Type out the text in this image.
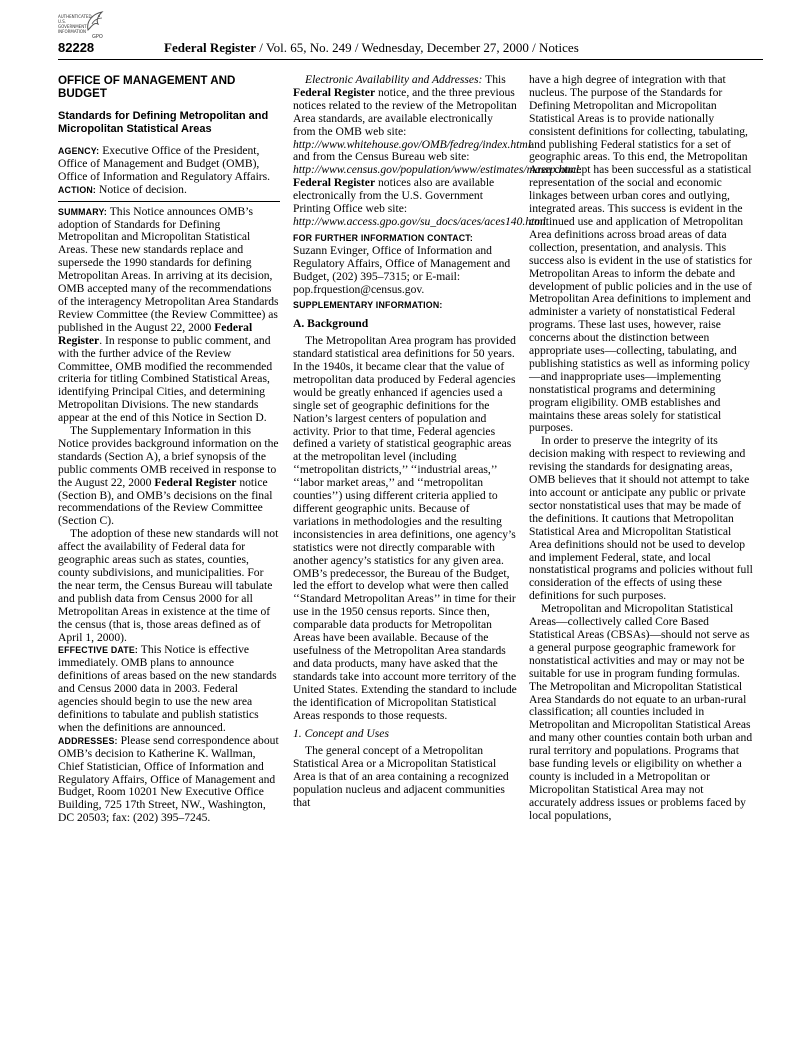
AUTHENTICATED U.S. GOVERNMENT INFORMATION
GPO
82228	Federal Register / Vol. 65, No. 249 / Wednesday, December 27, 2000 / Notices
OFFICE OF MANAGEMENT AND BUDGET
Standards for Defining Metropolitan and Micropolitan Statistical Areas

AGENCY: Executive Office of the President, Office of Management and Budget (OMB), Office of Information and Regulatory Affairs.

ACTION: Notice of decision.

SUMMARY: This Notice announces OMB’s adoption of Standards for Defining Metropolitan and Micropolitan Statistical Areas. These new standards replace and supersede the 1990 standards for defining Metropolitan Areas. In arriving at its decision, OMB accepted many of the recommendations of the interagency Metropolitan Area Standards Review Committee (the Review Committee) as published in the August 22, 2000 Federal Register. In response to public comment, and with the further advice of the Review Committee, OMB modified the recommended criteria for titling Combined Statistical Areas, identifying Principal Cities, and determining Metropolitan Divisions. The new standards appear at the end of this Notice in Section D.

The Supplementary Information in this Notice provides background information on the standards (Section A), a brief synopsis of the public comments OMB received in response to the August 22, 2000 Federal Register notice (Section B), and OMB’s decisions on the final recommendations of the Review Committee (Section C).

The adoption of these new standards will not affect the availability of Federal data for geographic areas such as states, counties, county subdivisions, and municipalities. For the near term, the Census Bureau will tabulate and publish data from Census 2000 for all Metropolitan Areas in existence at the time of the census (that is, those areas defined as of April 1, 2000).

EFFECTIVE DATE: This Notice is effective immediately. OMB plans to announce definitions of areas based on the new standards and Census 2000 data in 2003. Federal agencies should begin to use the new area definitions to tabulate and publish statistics when the definitions are announced.

ADDRESSES: Please send correspondence about OMB’s decision to Katherine K. Wallman, Chief Statistician, Office of Information and Regulatory Affairs, Office of Management and Budget, Room 10201 New Executive Office Building, 725 17th Street, NW., Washington, DC 20503; fax: (202) 395–7245.

Electronic Availability and Addresses: This Federal Register notice, and the three previous notices related to the review of the Metropolitan Area standards, are available electronically from the OMB web site: http://www.whitehouse.gov/OMB/fedreg/index.html and from the Census Bureau web site: http://www.census.gov/population/www/estimates/masrp.html. Federal Register notices also are available electronically from the U.S. Government Printing Office web site: http://www.access.gpo.gov/su_docs/aces/aces140.html.

FOR FURTHER INFORMATION CONTACT:
Suzann Evinger, Office of Information and Regulatory Affairs, Office of Management and Budget, (202) 395–7315; or E-mail: pop.frquestion@census.gov.

SUPPLEMENTARY INFORMATION:

A. Background

The Metropolitan Area program has provided standard statistical area definitions for 50 years. In the 1940s, it became clear that the value of metropolitan data produced by Federal agencies would be greatly enhanced if agencies used a single set of geographic definitions for the Nation’s largest centers of population and activity. Prior to that time, Federal agencies defined a variety of statistical geographic areas at the metropolitan level (including ‘‘metropolitan districts,’’ ‘‘industrial areas,’’ ‘‘labor market areas,’’ and ‘‘metropolitan counties’’) using different criteria applied to different geographic units. Because of variations in methodologies and the resulting inconsistencies in area definitions, one agency’s statistics were not directly comparable with another agency’s statistics for any given area. OMB’s predecessor, the Bureau of the Budget, led the effort to develop what were then called ‘‘Standard Metropolitan Areas’’ in time for their use in the 1950 census reports. Since then, comparable data products for Metropolitan Areas have been available. Because of the usefulness of the Metropolitan Area standards and data products, many have asked that the standards take into account more territory of the United States. Extending the standard to include the identification of Micropolitan Statistical Areas responds to those requests.

1. Concept and Uses

The general concept of a Metropolitan Statistical Area or a Micropolitan Statistical Area is that of an area containing a recognized population nucleus and adjacent communities that

have a high degree of integration with that nucleus. The purpose of the Standards for Defining Metropolitan and Micropolitan Statistical Areas is to provide nationally consistent definitions for collecting, tabulating, and publishing Federal statistics for a set of geographic areas. To this end, the Metropolitan Area concept has been successful as a statistical representation of the social and economic linkages between urban cores and outlying, integrated areas. This success is evident in the continued use and application of Metropolitan Area definitions across broad areas of data collection, presentation, and analysis. This success also is evident in the use of statistics for Metropolitan Areas to inform the debate and development of public policies and in the use of Metropolitan Area definitions to implement and administer a variety of nonstatistical Federal programs. These last uses, however, raise concerns about the distinction between appropriate uses—collecting, tabulating, and publishing statistics as well as informing policy—and inappropriate uses—implementing nonstatistical programs and determining program eligibility. OMB establishes and maintains these areas solely for statistical purposes.

In order to preserve the integrity of its decision making with respect to reviewing and revising the standards for designating areas, OMB believes that it should not attempt to take into account or anticipate any public or private sector nonstatistical uses that may be made of the definitions. It cautions that Metropolitan Statistical Area and Micropolitan Statistical Area definitions should not be used to develop and implement Federal, state, and local nonstatistical programs and policies without full consideration of the effects of using these definitions for such purposes.

Metropolitan and Micropolitan Statistical Areas—collectively called Core Based Statistical Areas (CBSAs)—should not serve as a general purpose geographic framework for nonstatistical activities and may or may not be suitable for use in program funding formulas. The Metropolitan and Micropolitan Statistical Area Standards do not equate to an urban-rural classification; all counties included in Metropolitan and Micropolitan Statistical Areas and many other counties contain both urban and rural territory and populations. Programs that base funding levels or eligibility on whether a county is included in a Metropolitan or Micropolitan Statistical Area may not accurately address issues or problems faced by local populations,
